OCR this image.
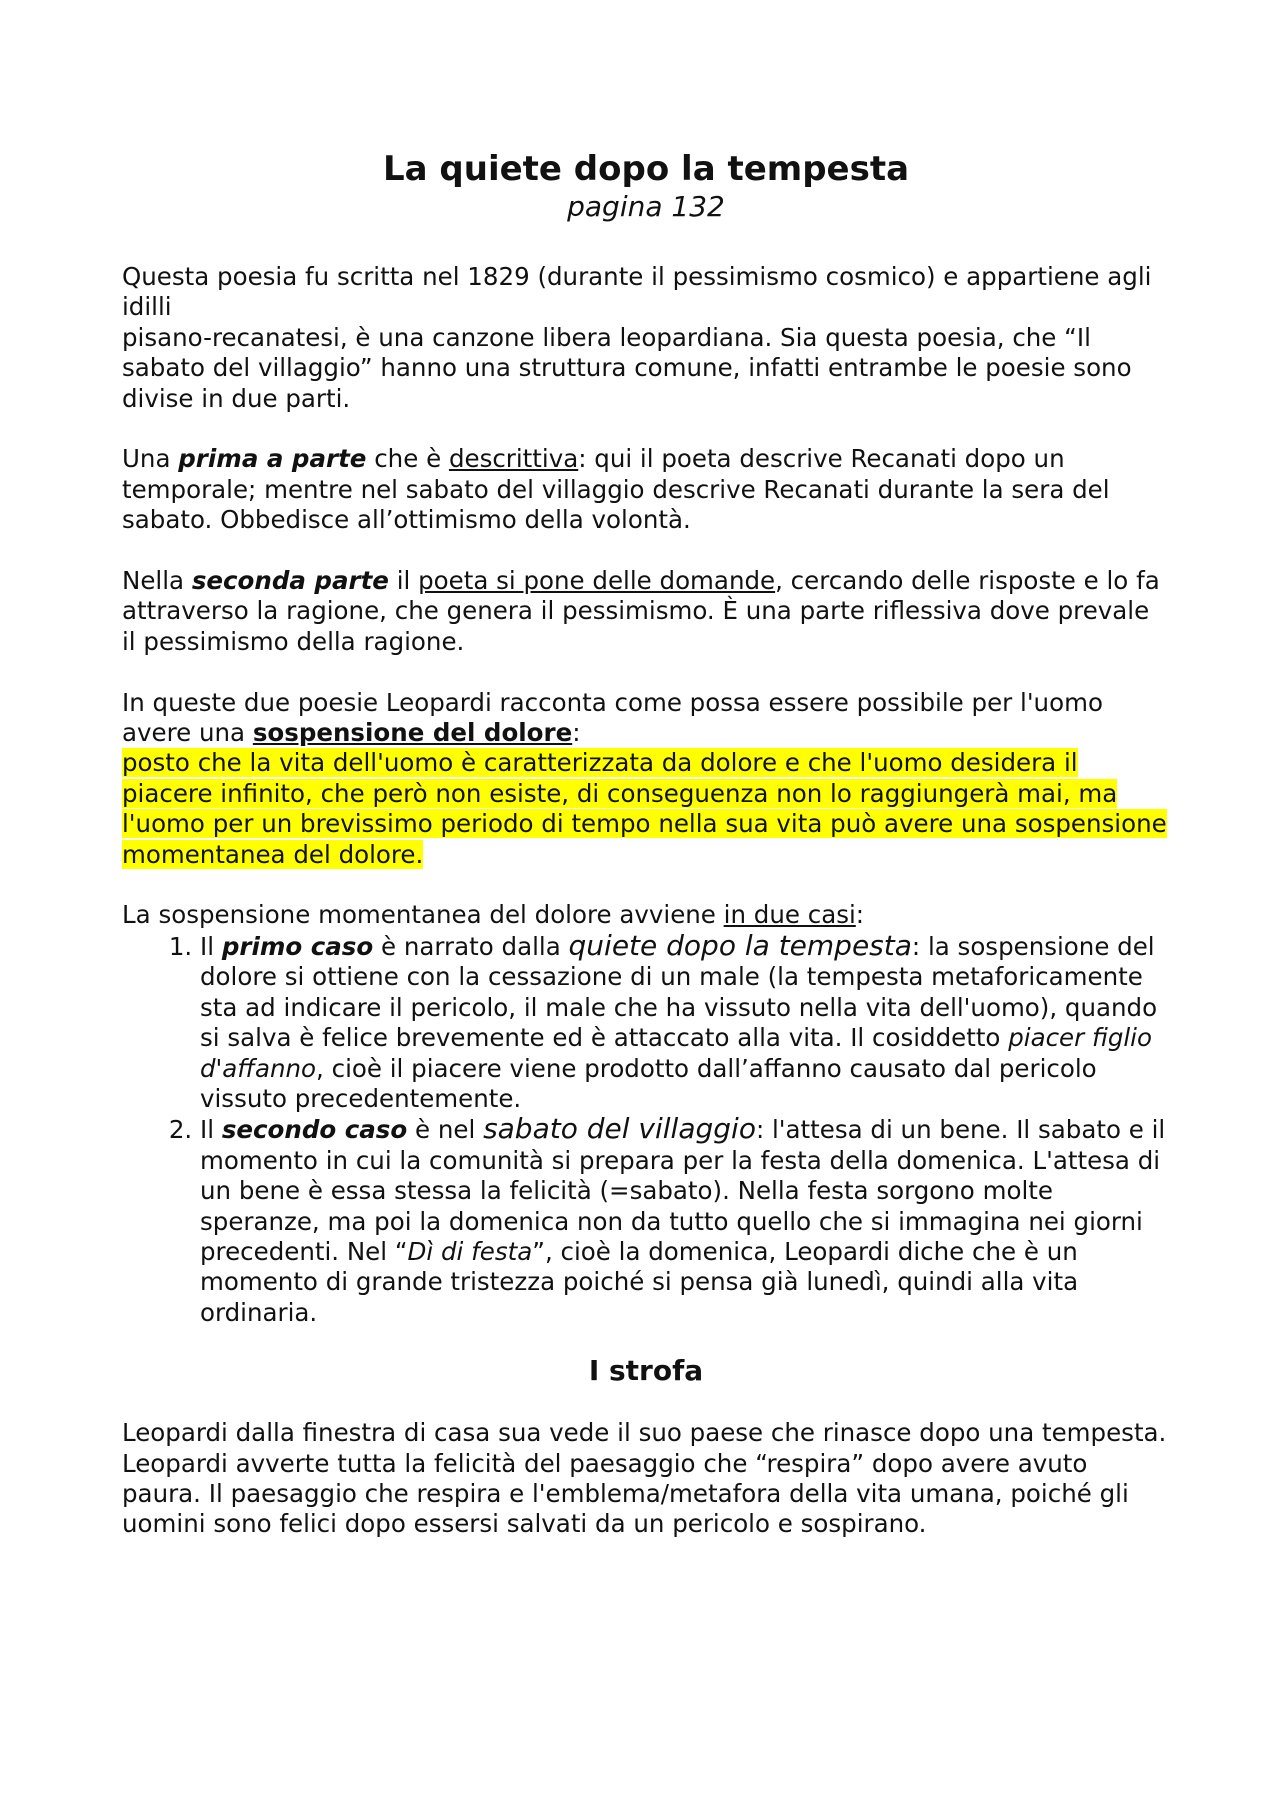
La quiete dopo la tempesta
pagina 132

Questa poesia fu scritta nel 1829 (durante il pessimismo cosmico) e appartiene agli idilli
pisano-recanatesi, è una canzone libera leopardiana. Sia questa poesia, che “Il sabato del villaggio” hanno una struttura comune, infatti entrambe le poesie sono divise in due parti.

Una prima a parte che è descrittiva: qui il poeta descrive Recanati dopo un temporale; mentre nel sabato del villaggio descrive Recanati durante la sera del sabato. Obbedisce all’ottimismo della volontà.

Nella seconda parte il poeta si pone delle domande, cercando delle risposte e lo fa attraverso la ragione, che genera il pessimismo. È una parte riflessiva dove prevale il pessimismo della ragione.

In queste due poesie Leopardi racconta come possa essere possibile per l'uomo avere una sospensione del dolore:
posto che la vita dell'uomo è caratterizzata da dolore e che l'uomo desidera il piacere infinito, che però non esiste, di conseguenza non lo raggiungerà mai, ma l'uomo per un brevissimo periodo di tempo nella sua vita può avere una sospensione momentanea del dolore.

La sospensione momentanea del dolore avviene in due casi:
1. Il primo caso è narrato dalla quiete dopo la tempesta: la sospensione del dolore si ottiene con la cessazione di un male (la tempesta metaforicamente sta ad indicare il pericolo, il male che ha vissuto nella vita dell'uomo), quando si salva è felice brevemente ed è attaccato alla vita. Il cosiddetto piacer figlio d'affanno, cioè il piacere viene prodotto dall’affanno causato dal pericolo vissuto precedentemente.
2. Il secondo caso è nel sabato del villaggio: l'attesa di un bene. Il sabato e il momento in cui la comunità si prepara per la festa della domenica. L'attesa di un bene è essa stessa la felicità (=sabato). Nella festa sorgono molte speranze, ma poi la domenica non da tutto quello che si immagina nei giorni precedenti. Nel “Dì di festa”, cioè la domenica, Leopardi diche che è un momento di grande tristezza poiché si pensa già lunedì, quindi alla vita ordinaria.
I strofa

Leopardi dalla finestra di casa sua vede il suo paese che rinasce dopo una tempesta. Leopardi avverte tutta la felicità del paesaggio che “respira” dopo avere avuto paura. Il paesaggio che respira e l'emblema/metafora della vita umana, poiché gli uomini sono felici dopo essersi salvati da un pericolo e sospirano.
